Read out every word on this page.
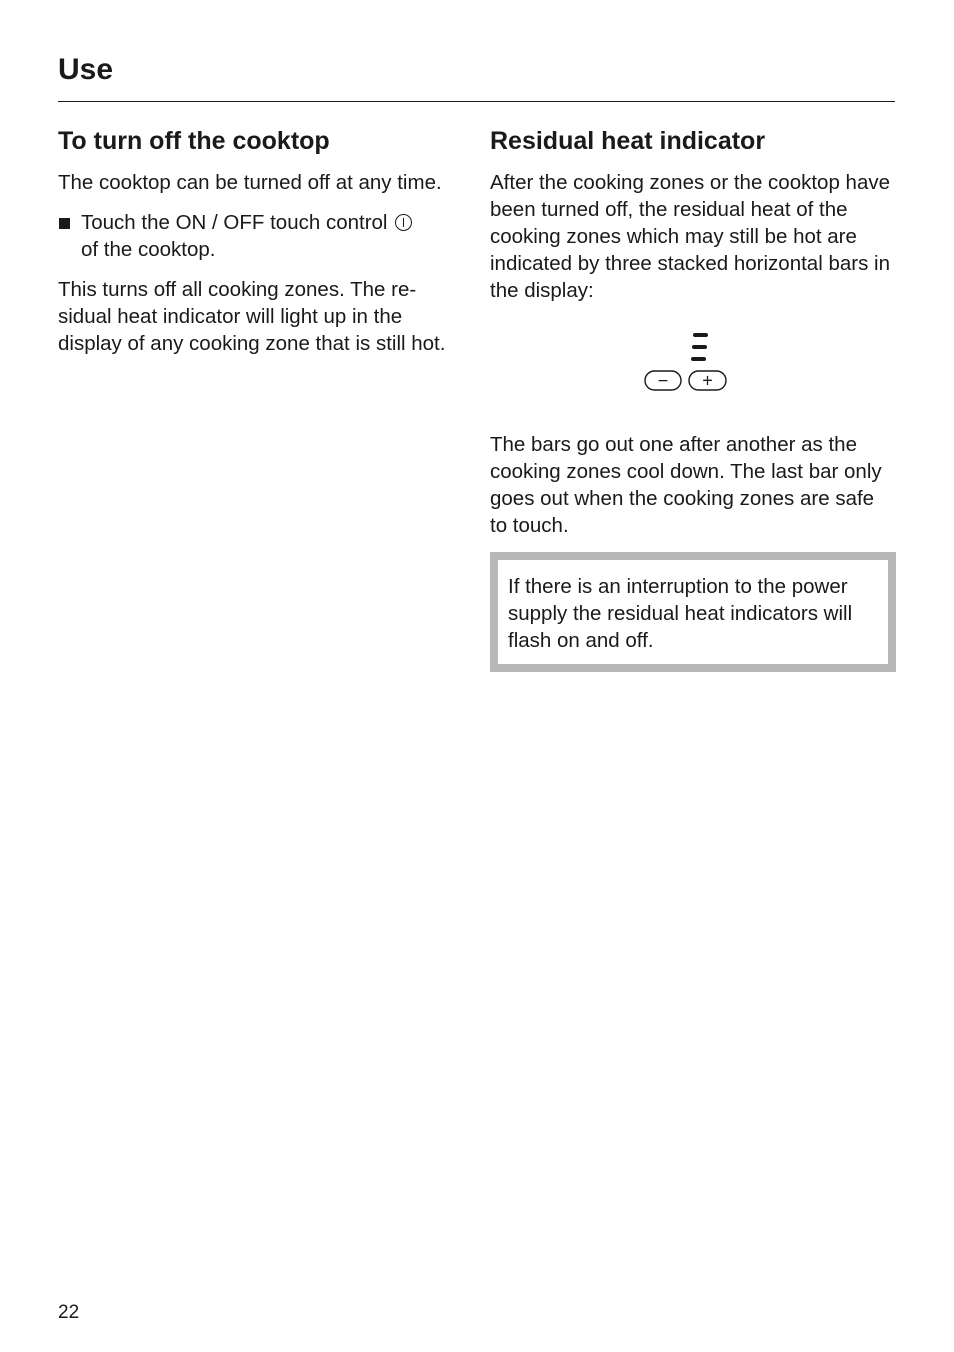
Use
To turn off the cooktop

The cooktop can be turned off at any time.

Touch the ON / OFF touch control
of the cooktop.

This turns off all cooking zones. The residual heat indicator will light up in the display of any cooking zone that is still hot.

Residual heat indicator

After the cooking zones or the cooktop have been turned off, the residual heat of the cooking zones which may still be hot are indicated by three stacked horizontal bars in the display:

− +

The bars go out one after another as the cooking zones cool down. The last bar only goes out when the cooking zones are safe to touch.

If there is an interruption to the power supply the residual heat indicators will flash on and off.

22
